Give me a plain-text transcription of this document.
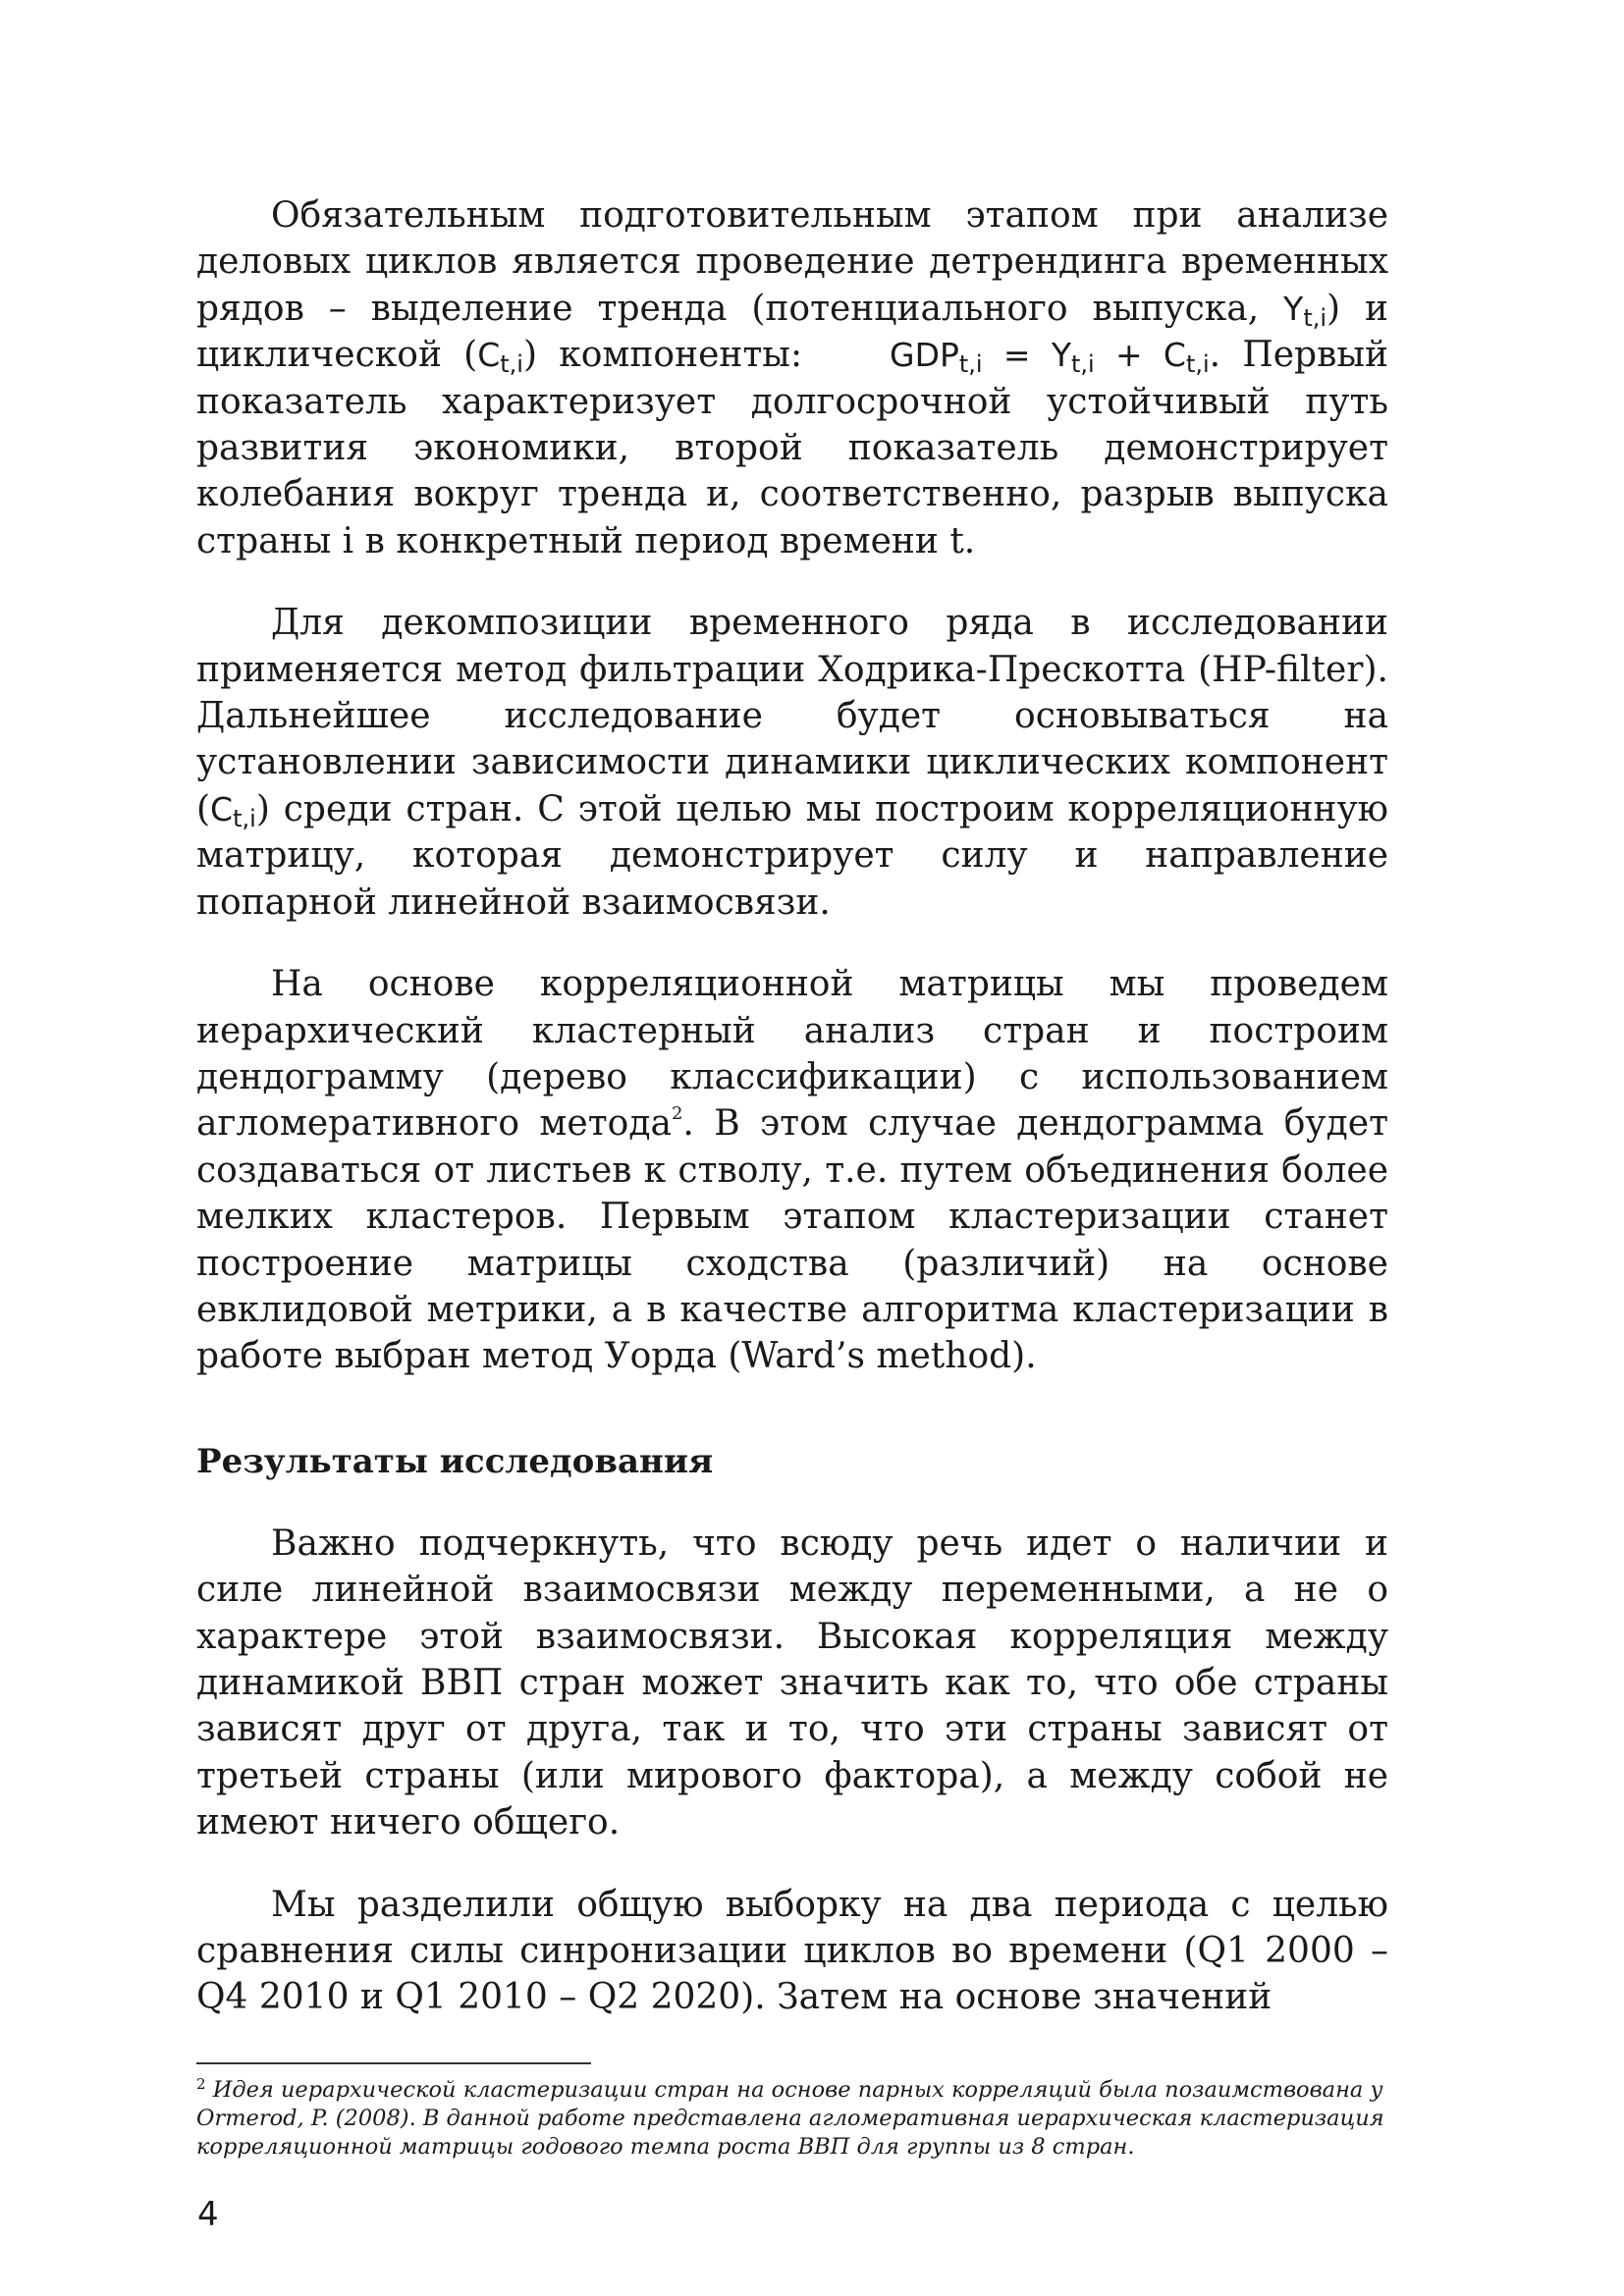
Обязательным подготовительным этапом при анализе деловых циклов является проведение детрендинга временных рядов – выделение тренда (потенциального выпуска, $Y_{t,i}$) и циклической $(C_{t,i})$ компоненты:	$GDP_{t,i} = Y_{t,i} + C_{t,i}$. Первый показатель характеризует долгосрочной устойчивый путь развития экономики, второй показатель демонстрирует колебания вокруг тренда и, соответственно, разрыв выпуска страны i в конкретный период времени t.

Для декомпозиции временного ряда в исследовании применяется метод фильтрации Ходрика-Прескотта (HP-filter). Дальнейшее исследование будет основываться на установлении зависимости динамики циклических компонент $(C_{t,i})$ среди стран. С этой целью мы построим корреляционную матрицу, которая демонстрирует силу и направление попарной линейной взаимосвязи.

На основе корреляционной матрицы мы проведем иерархический кластерный анализ стран и построим дендограмму (дерево классификации) с использованием агломеративного метода$^2$. В этом случае дендограмма будет создаваться от листьев к стволу, т.е. путем объединения более мелких кластеров. Первым этапом кластеризации станет построение матрицы сходства (различий) на основе евклидовой метрики, а в качестве алгоритма кластеризации в работе выбран метод Уорда (Ward’s method).

Результаты исследования

Важно подчеркнуть, что всюду речь идет о наличии и силе линейной взаимосвязи между переменными, а не о характере этой взаимосвязи. Высокая корреляция между динамикой ВВП стран может значить как то, что обе страны зависят друг от друга, так и то, что эти страны зависят от третьей страны (или мирового фактора), а между собой не имеют ничего общего.

Мы разделили общую выборку на два периода с целью сравнения силы синронизации циклов во времени (Q1 2000 – Q4 2010 и Q1 2010 – Q2 2020). Затем на основе значений

$^2$ Идея иерархической кластеризации стран на основе парных корреляций была позаимствована у Ormerod, P. (2008). В данной работе представлена агломеративная иерархическая кластеризация корреляционной матрицы годового темпа роста ВВП для группы из 8 стран.
4
